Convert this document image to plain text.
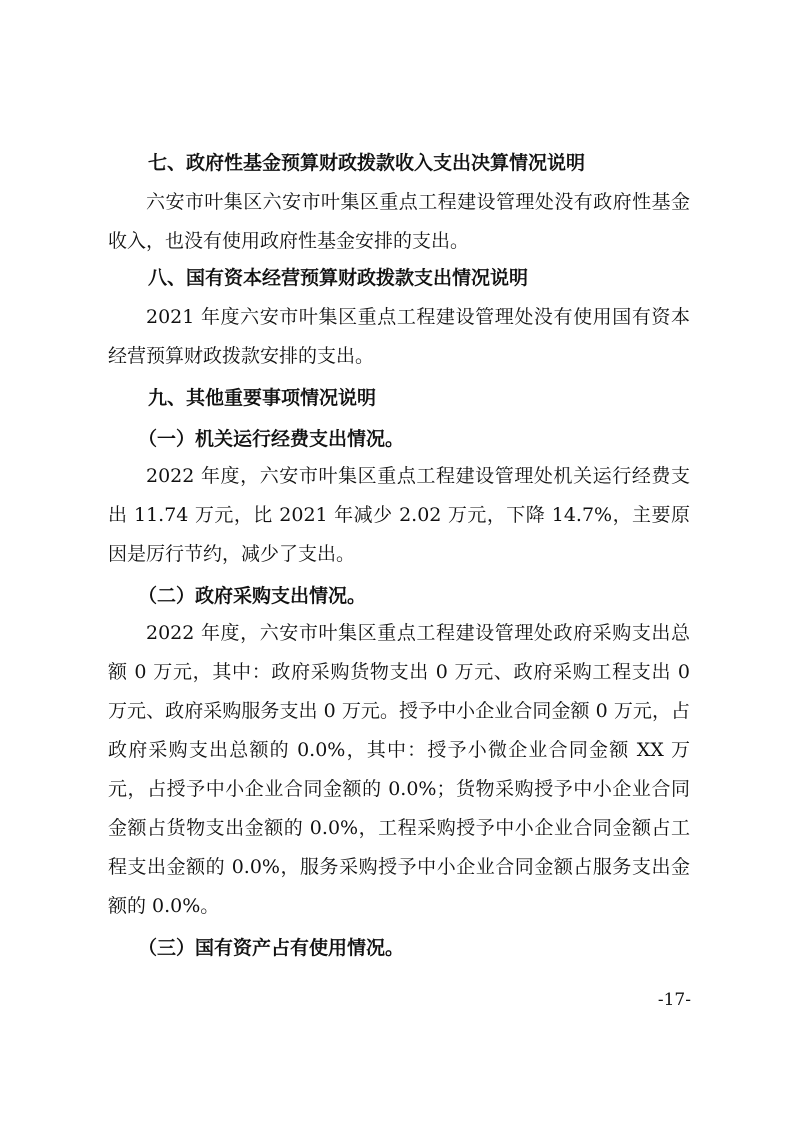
七、政府性基金预算财政拨款收入支出决算情况说明
六安市叶集区六安市叶集区重点工程建设管理处没有政府性基金收入，也没有使用政府性基金安排的支出。
八、国有资本经营预算财政拨款支出情况说明
2021 年度六安市叶集区重点工程建设管理处没有使用国有资本经营预算财政拨款安排的支出。
九、其他重要事项情况说明
（一）机关运行经费支出情况。
2022 年度，六安市叶集区重点工程建设管理处机关运行经费支出 11.74 万元，比 2021 年减少 2.02 万元，下降 14.7%，主要原因是厉行节约，减少了支出。
（二）政府采购支出情况。
2022 年度，六安市叶集区重点工程建设管理处政府采购支出总额 0 万元，其中：政府采购货物支出 0 万元、政府采购工程支出 0 万元、政府采购服务支出 0 万元。授予中小企业合同金额 0 万元，占政府采购支出总额的 0.0%，其中：授予小微企业合同金额 XX 万元，占授予中小企业合同金额的 0.0%；货物采购授予中小企业合同金额占货物支出金额的 0.0%，工程采购授予中小企业合同金额占工程支出金额的 0.0%，服务采购授予中小企业合同金额占服务支出金额的 0.0%。
（三）国有资产占有使用情况。
-17-
